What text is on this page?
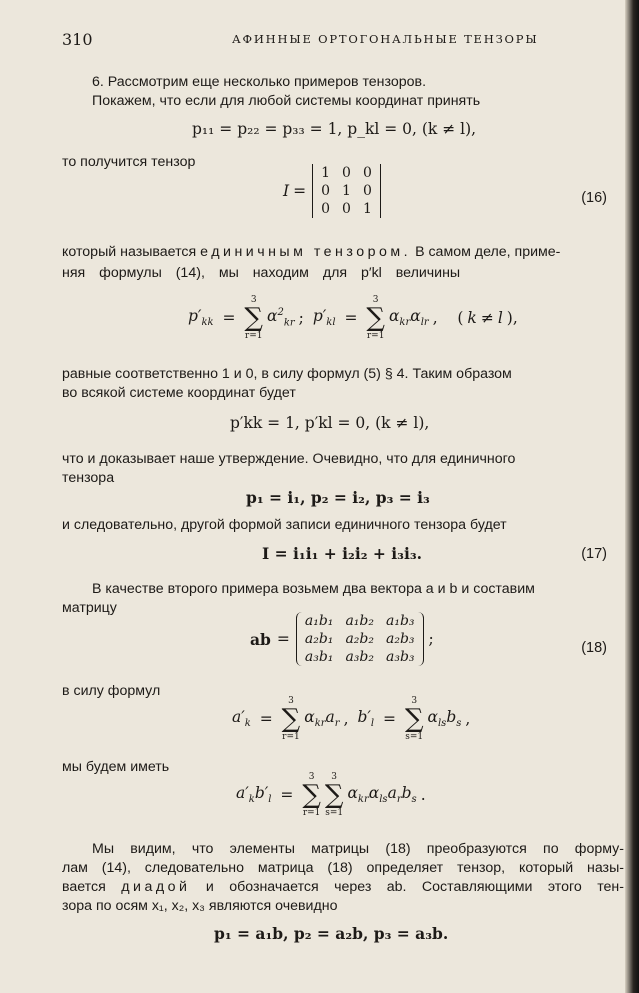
310	АФИННЫЕ ОРТОГОНАЛЬНЫЕ ТЕНЗОРЫ
6. Рассмотрим еще несколько примеров тензоров.
Покажем, что если для любой системы координат принять
p₁₁ = p₂₂ = p₃₃ = 1, p_kl = 0, (k ≠ l),
то получится тензор
I =
1	0	0
0	1	0
0	0	1
(16)
который называется единичным тензором. В самом деле, приме-
няя формулы (14), мы находим для p′kl величины
$p'_{kk}$ =
3
∑
r=1
$\alpha^2_{kr}$ ; $p'_{kl}$ =
3
∑
r=1
$\alpha_{kr}\alpha_{lr}$ ,    ( k ≠ l ),
равные соответственно 1 и 0, в силу формул (5) § 4. Таким образом
во всякой системе координат будет
p′kk = 1, p′kl = 0, (k ≠ l),
что и доказывает наше утверждение. Очевидно, что для единичного
тензора
p₁ = i₁, p₂ = i₂, p₃ = i₃
и следовательно, другой формой записи единичного тензора будет
I = i₁i₁ + i₂i₂ + i₃i₃.	(17)
В качестве второго примера возьмем два вектора a и b и составим
матрицу
ab =
a₁b₁	a₁b₂	a₁b₃
a₂b₁	a₂b₂	a₂b₃
a₃b₁	a₃b₂	a₃b₃
;	(18)
в силу формул
$a'_k$ =
3
∑
r=1
$\alpha_{kr}a_r$ , $b'_l$ =
3
∑
s=1
$\alpha_{ls}b_s$ ,
мы будем иметь
$a'_kb'_l$ =
3
∑
r=1
3
∑
s=1
$\alpha_{kr}\alpha_{ls}a_rb_s$ .
Мы видим, что элементы матрицы (18) преобразуются по форму-
лам (14), следовательно матрица (18) определяет тензор, который назы-
вается диадой и обозначается через ab. Составляющими этого тен-
зора по осям x₁, x₂, x₃ являются очевидно
p₁ = a₁b, p₂ = a₂b, p₃ = a₃b.
